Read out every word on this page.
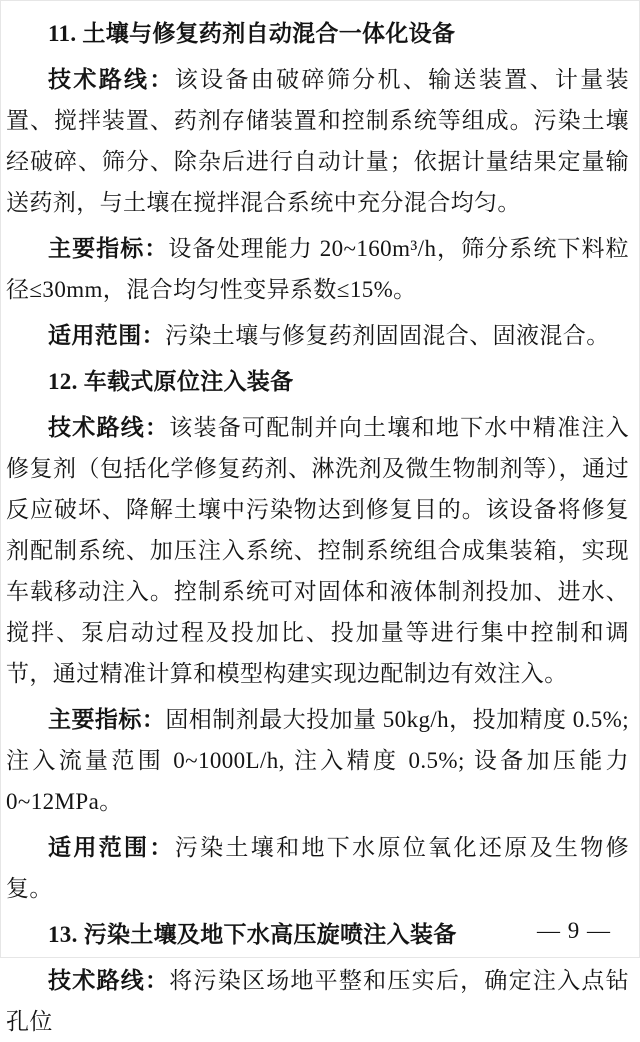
11. 土壤与修复药剂自动混合一体化设备

技术路线：该设备由破碎筛分机、输送装置、计量装置、搅拌装置、药剂存储装置和控制系统等组成。污染土壤经破碎、筛分、除杂后进行自动计量；依据计量结果定量输送药剂，与土壤在搅拌混合系统中充分混合均匀。

主要指标：设备处理能力 20~160m³/h，筛分系统下料粒径≤30mm，混合均匀性变异系数≤15%。

适用范围：污染土壤与修复药剂固固混合、固液混合。

12. 车载式原位注入装备

技术路线：该装备可配制并向土壤和地下水中精准注入修复剂（包括化学修复药剂、淋洗剂及微生物制剂等），通过反应破坏、降解土壤中污染物达到修复目的。该设备将修复剂配制系统、加压注入系统、控制系统组合成集装箱，实现车载移动注入。控制系统可对固体和液体制剂投加、进水、搅拌、泵启动过程及投加比、投加量等进行集中控制和调节，通过精准计算和模型构建实现边配制边有效注入。

主要指标：固相制剂最大投加量 50kg/h，投加精度 0.5%; 注入流量范围 0~1000L/h, 注入精度 0.5%; 设备加压能力 0~12MPa。

适用范围：污染土壤和地下水原位氧化还原及生物修复。

13. 污染土壤及地下水高压旋喷注入装备

技术路线：将污染区场地平整和压实后，确定注入点钻孔位

— 9 —
